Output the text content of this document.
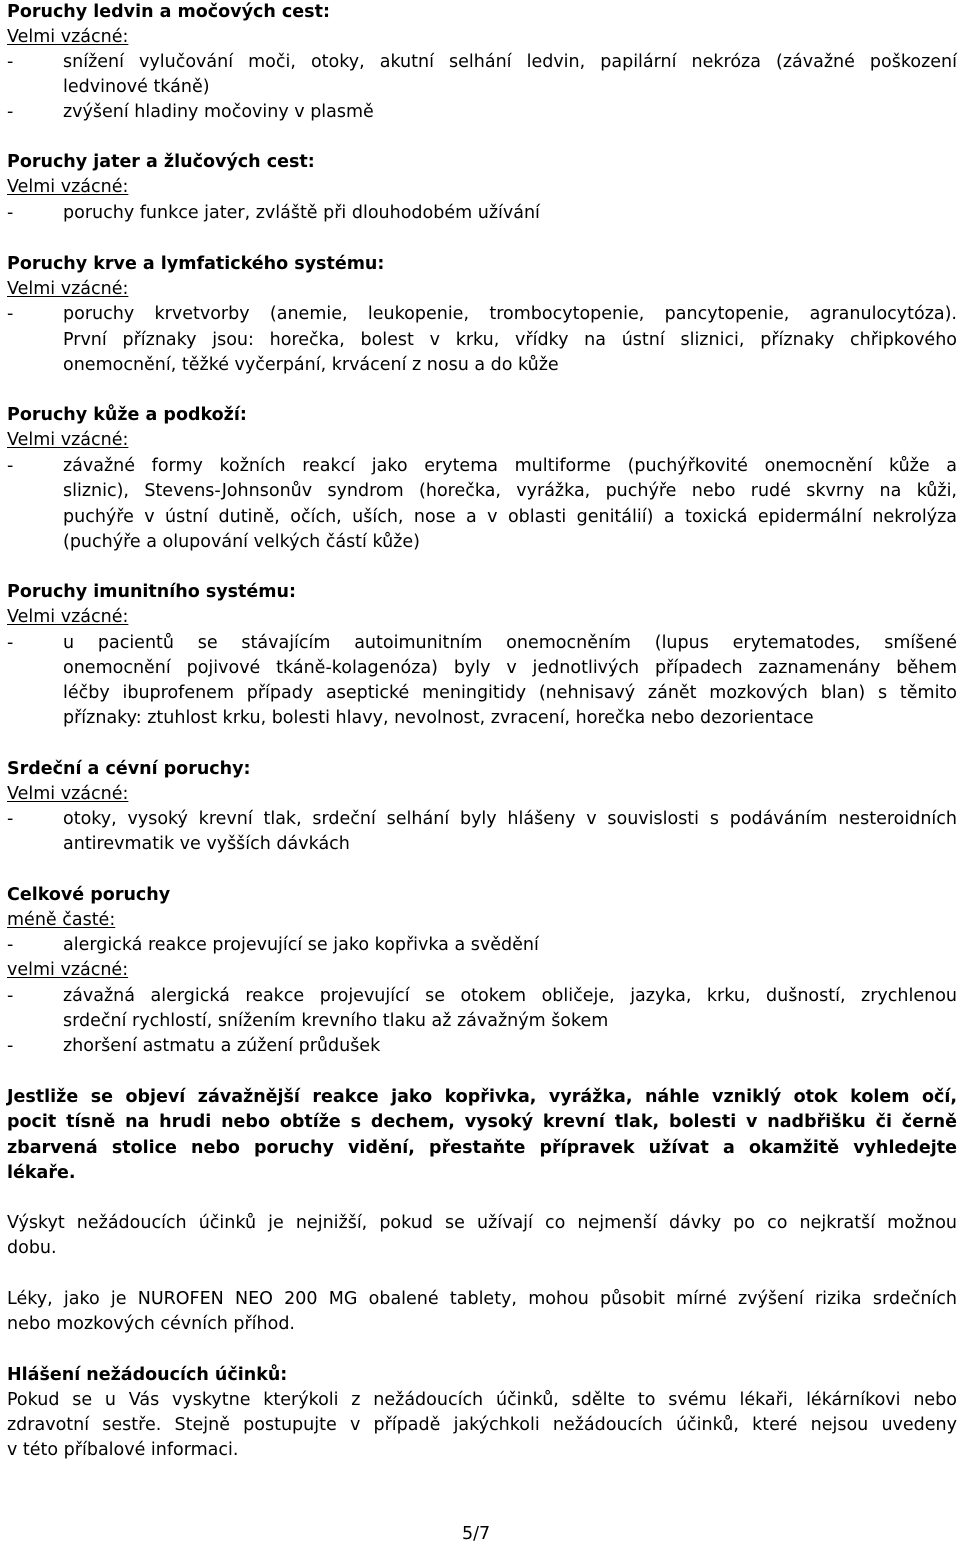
Poruchy ledvin a močových cest:
Velmi vzácné:
-	snížení vylučování moči, otoky, akutní selhání ledvin, papilární nekróza (závažné poškození
ledvinové tkáně)
-	zvýšení hladiny močoviny v plasmě
Poruchy jater a žlučových cest:
Velmi vzácné:
-	poruchy funkce jater, zvláště při dlouhodobém užívání
Poruchy krve a lymfatického systému:
Velmi vzácné:
-	poruchy krvetvorby (anemie, leukopenie, trombocytopenie, pancytopenie, agranulocytóza).
První příznaky jsou: horečka, bolest v krku, vřídky na ústní sliznici, příznaky chřipkového
onemocnění, těžké vyčerpání, krvácení z nosu a do kůže
Poruchy kůže a podkoží:
Velmi vzácné:
-	závažné formy kožních reakcí jako erytema multiforme (puchýřkovité onemocnění kůže a
sliznic), Stevens-Johnsonův syndrom (horečka, vyrážka, puchýře nebo rudé skvrny na kůži,
puchýře v ústní dutině, očích, uších, nose a v oblasti genitálií) a toxická epidermální nekrolýza
(puchýře a olupování velkých částí kůže)
Poruchy imunitního systému:
Velmi vzácné:
-	u pacientů se stávajícím autoimunitním onemocněním (lupus erytematodes, smíšené
onemocnění pojivové tkáně-kolagenóza) byly v jednotlivých případech zaznamenány během
léčby ibuprofenem případy aseptické meningitidy (nehnisavý zánět mozkových blan) s těmito
příznaky: ztuhlost krku, bolesti hlavy, nevolnost, zvracení, horečka nebo dezorientace
Srdeční a cévní poruchy:
Velmi vzácné:
-	otoky, vysoký krevní tlak, srdeční selhání byly hlášeny v souvislosti s podáváním nesteroidních
antirevmatik ve vyšších dávkách
Celkové poruchy
méně časté:
-	alergická reakce projevující se jako kopřivka a svědění
velmi vzácné:
-	závažná alergická reakce projevující se otokem obličeje, jazyka, krku, dušností, zrychlenou
srdeční rychlostí, snížením krevního tlaku až závažným šokem
-	zhoršení astmatu a zúžení průdušek
Jestliže se objeví závažnější reakce jako kopřivka, vyrážka, náhle vzniklý otok kolem očí,
pocit tísně na hrudi nebo obtíže s dechem, vysoký krevní tlak, bolesti v nadbřišku či černě
zbarvená stolice nebo poruchy vidění, přestaňte přípravek užívat a okamžitě vyhledejte
lékaře.
Výskyt nežádoucích účinků je nejnižší, pokud se užívají co nejmenší dávky po co nejkratší možnou
dobu.
Léky, jako je NUROFEN NEO 200 MG obalené tablety, mohou působit mírné zvýšení rizika srdečních
nebo mozkových cévních příhod.
Hlášení nežádoucích účinků:
Pokud se u Vás vyskytne kterýkoli z nežádoucích účinků, sdělte to svému lékaři, lékárníkovi nebo
zdravotní sestře. Stejně postupujte v případě jakýchkoli nežádoucích účinků, které nejsou uvedeny
v této příbalové informaci.
5/7
